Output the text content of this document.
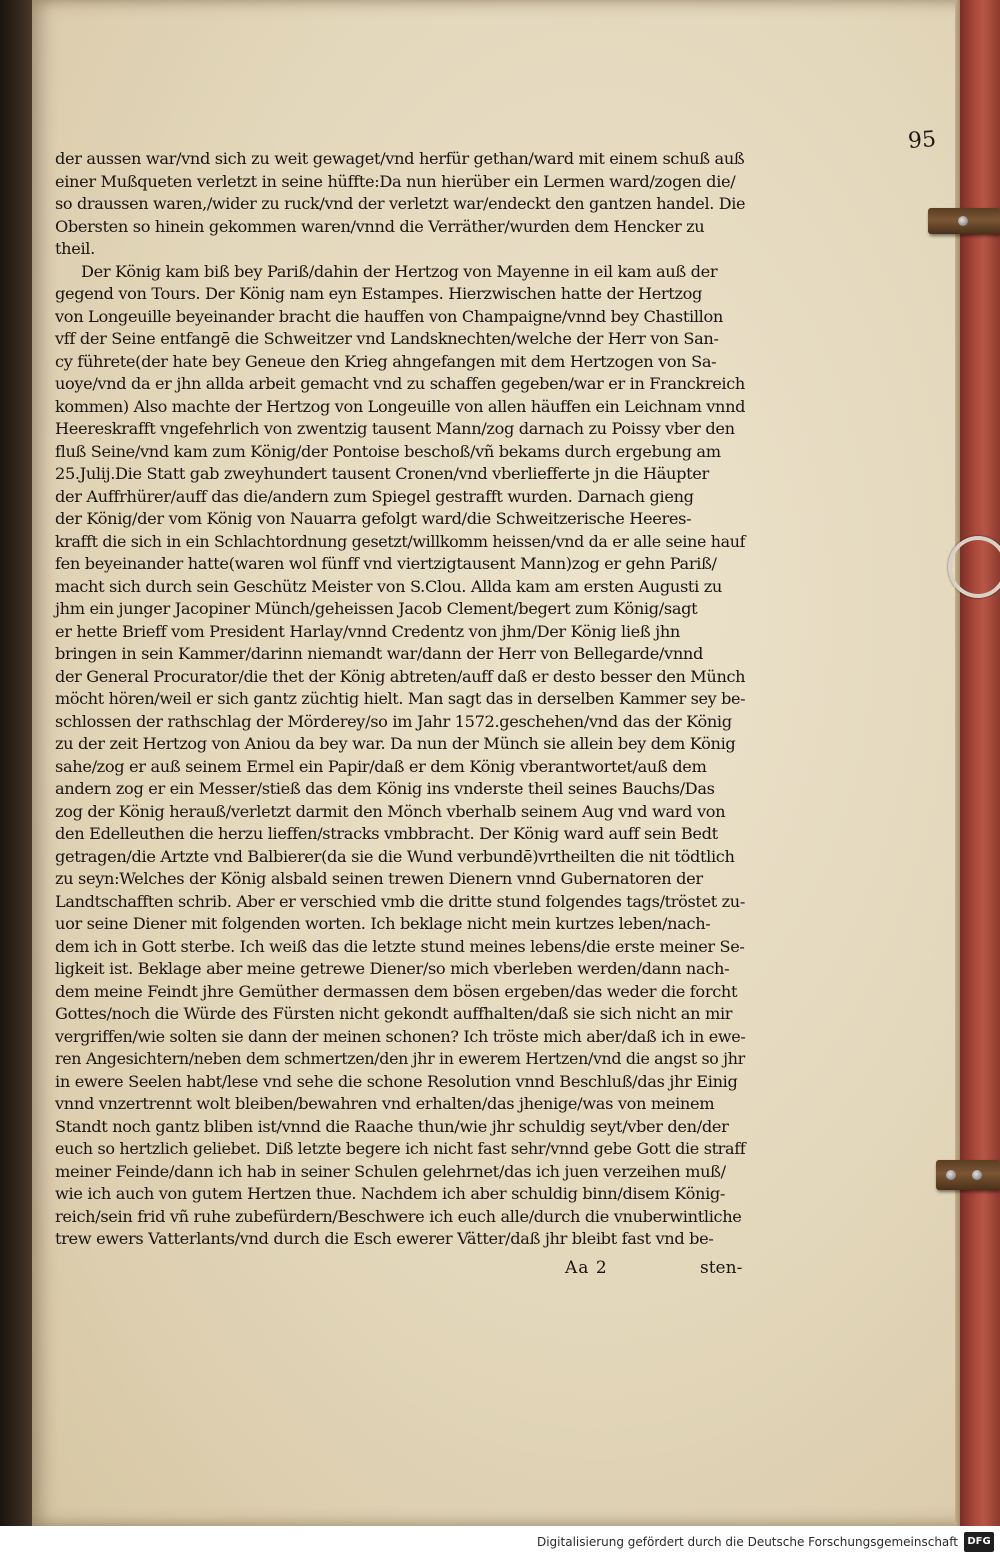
95
der aussen war/vnd sich zu weit gewaget/vnd herfür gethan/ward mit einem schuß auß
einer Mußqueten verletzt in seine hüffte:Da nun hierüber ein Lermen ward/zogen die/
so draussen waren,/wider zu ruck/vnd der verletzt war/endeckt den gantzen handel. Die
Obersten so hinein gekommen waren/vnnd die Verräther/wurden dem Hencker zu
theil.
Der König kam biß bey Pariß/dahin der Hertzog von Mayenne in eil kam auß der
gegend von Tours. Der König nam eyn Estampes. Hierzwischen hatte der Hertzog
von Longeuille beyeinander bracht die hauffen von Champaigne/vnnd bey Chastillon
vff der Seine entfangē die Schweitzer vnd Landsknechten/welche der Herr von San-
cy führete(der hate bey Geneue den Krieg ahngefangen mit dem Hertzogen von Sa-
uoye/vnd da er jhn allda arbeit gemacht vnd zu schaffen gegeben/war er in Franckreich
kommen) Also machte der Hertzog von Longeuille von allen häuffen ein Leichnam vnnd
Heereskrafft vngefehrlich von zwentzig tausent Mann/zog darnach zu Poissy vber den
fluß Seine/vnd kam zum König/der Pontoise beschoß/vñ bekams durch ergebung am
25.Julij.Die Statt gab zweyhundert tausent Cronen/vnd vberliefferte jn die Häupter
der Auffrhürer/auff das die/andern zum Spiegel gestrafft wurden. Darnach gieng
der König/der vom König von Nauarra gefolgt ward/die Schweitzerische Heeres-
krafft die sich in ein Schlachtordnung gesetzt/willkomm heissen/vnd da er alle seine hauf
fen beyeinander hatte(waren wol fünff vnd viertzigtausent Mann)zog er gehn Pariß/
macht sich durch sein Geschütz Meister von S.Clou. Allda kam am ersten Augusti zu
jhm ein junger Jacopiner Münch/geheissen Jacob Clement/begert zum König/sagt
er hette Brieff vom President Harlay/vnnd Credentz von jhm/Der König ließ jhn
bringen in sein Kammer/darinn niemandt war/dann der Herr von Bellegarde/vnnd
der General Procurator/die thet der König abtreten/auff daß er desto besser den Münch
möcht hören/weil er sich gantz züchtig hielt. Man sagt das in derselben Kammer sey be-
schlossen der rathschlag der Mörderey/so im Jahr 1572.geschehen/vnd das der König
zu der zeit Hertzog von Aniou da bey war. Da nun der Münch sie allein bey dem König
sahe/zog er auß seinem Ermel ein Papir/daß er dem König vberantwortet/auß dem
andern zog er ein Messer/stieß das dem König ins vnderste theil seines Bauchs/Das
zog der König herauß/verletzt darmit den Mönch vberhalb seinem Aug vnd ward von
den Edelleuthen die herzu lieffen/stracks vmbbracht. Der König ward auff sein Bedt
getragen/die Artzte vnd Balbierer(da sie die Wund verbundē)vrtheilten die nit tödtlich
zu seyn:Welches der König alsbald seinen trewen Dienern vnnd Gubernatoren der
Landtschafften schrib. Aber er verschied vmb die dritte stund folgendes tags/tröstet zu-
uor seine Diener mit folgenden worten. Ich beklage nicht mein kurtzes leben/nach-
dem ich in Gott sterbe. Ich weiß das die letzte stund meines lebens/die erste meiner Se-
ligkeit ist. Beklage aber meine getrewe Diener/so mich vberleben werden/dann nach-
dem meine Feindt jhre Gemüther dermassen dem bösen ergeben/das weder die forcht
Gottes/noch die Würde des Fürsten nicht gekondt auffhalten/daß sie sich nicht an mir
vergriffen/wie solten sie dann der meinen schonen? Ich tröste mich aber/daß ich in ewe-
ren Angesichtern/neben dem schmertzen/den jhr in ewerem Hertzen/vnd die angst so jhr
in ewere Seelen habt/lese vnd sehe die schone Resolution vnnd Beschluß/das jhr Einig
vnnd vnzertrennt wolt bleiben/bewahren vnd erhalten/das jhenige/was von meinem
Standt noch gantz bliben ist/vnnd die Raache thun/wie jhr schuldig seyt/vber den/der
euch so hertzlich geliebet. Diß letzte begere ich nicht fast sehr/vnnd gebe Gott die straff
meiner Feinde/dann ich hab in seiner Schulen gelehrnet/das ich juen verzeihen muß/
wie ich auch von gutem Hertzen thue. Nachdem ich aber schuldig binn/disem König-
reich/sein frid vñ ruhe zubefürdern/Beschwere ich euch alle/durch die vnuberwintliche
trew ewers Vatterlants/vnd durch die Esch ewerer Vätter/daß jhr bleibt fast vnd be-
Aa 2	sten-
Digitalisierung gefördert durch die Deutsche Forschungsgemeinschaft DFG
